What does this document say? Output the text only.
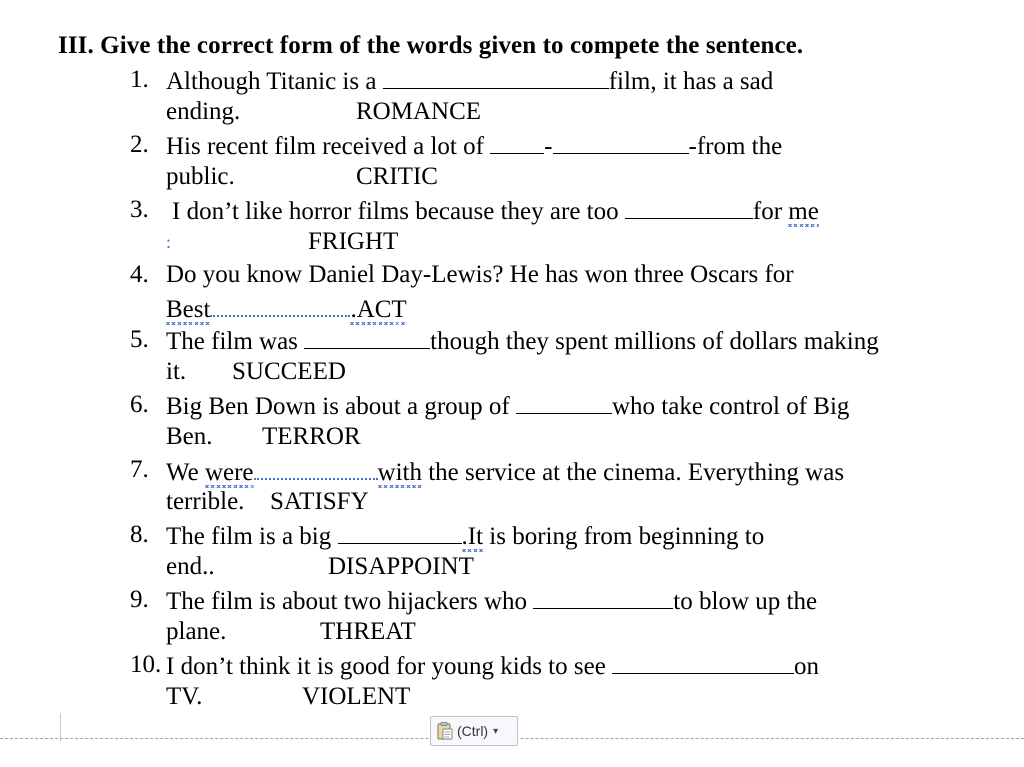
III. Give the correct form of the words given to compete the sentence.
1. Although Titanic is a	film, it has a sad
ending.	ROMANCE
2. His recent film received a lot of -	-from the
public.	CRITIC
3. I don’t like horror films because they are too	for me
:	FRIGHT
4. Do you know Daniel Day-Lewis? He has won three Oscars for
Best	.ACT
5. The film was	though they spent millions of dollars making
it. SUCCEED
6. Big Ben Down is about a group of	who take control of Big
Ben. TERROR
7. We were	with the service at the cinema. Everything was
terrible. SATISFY
8. The film is a big	.It is boring from beginning to
end..	DISAPPOINT
9. The film is about two hijackers who	to blow up the
plane.	THREAT
10. I don’t think it is good for young kids to see	on
TV.	VIOLENT
(Ctrl) ▾
